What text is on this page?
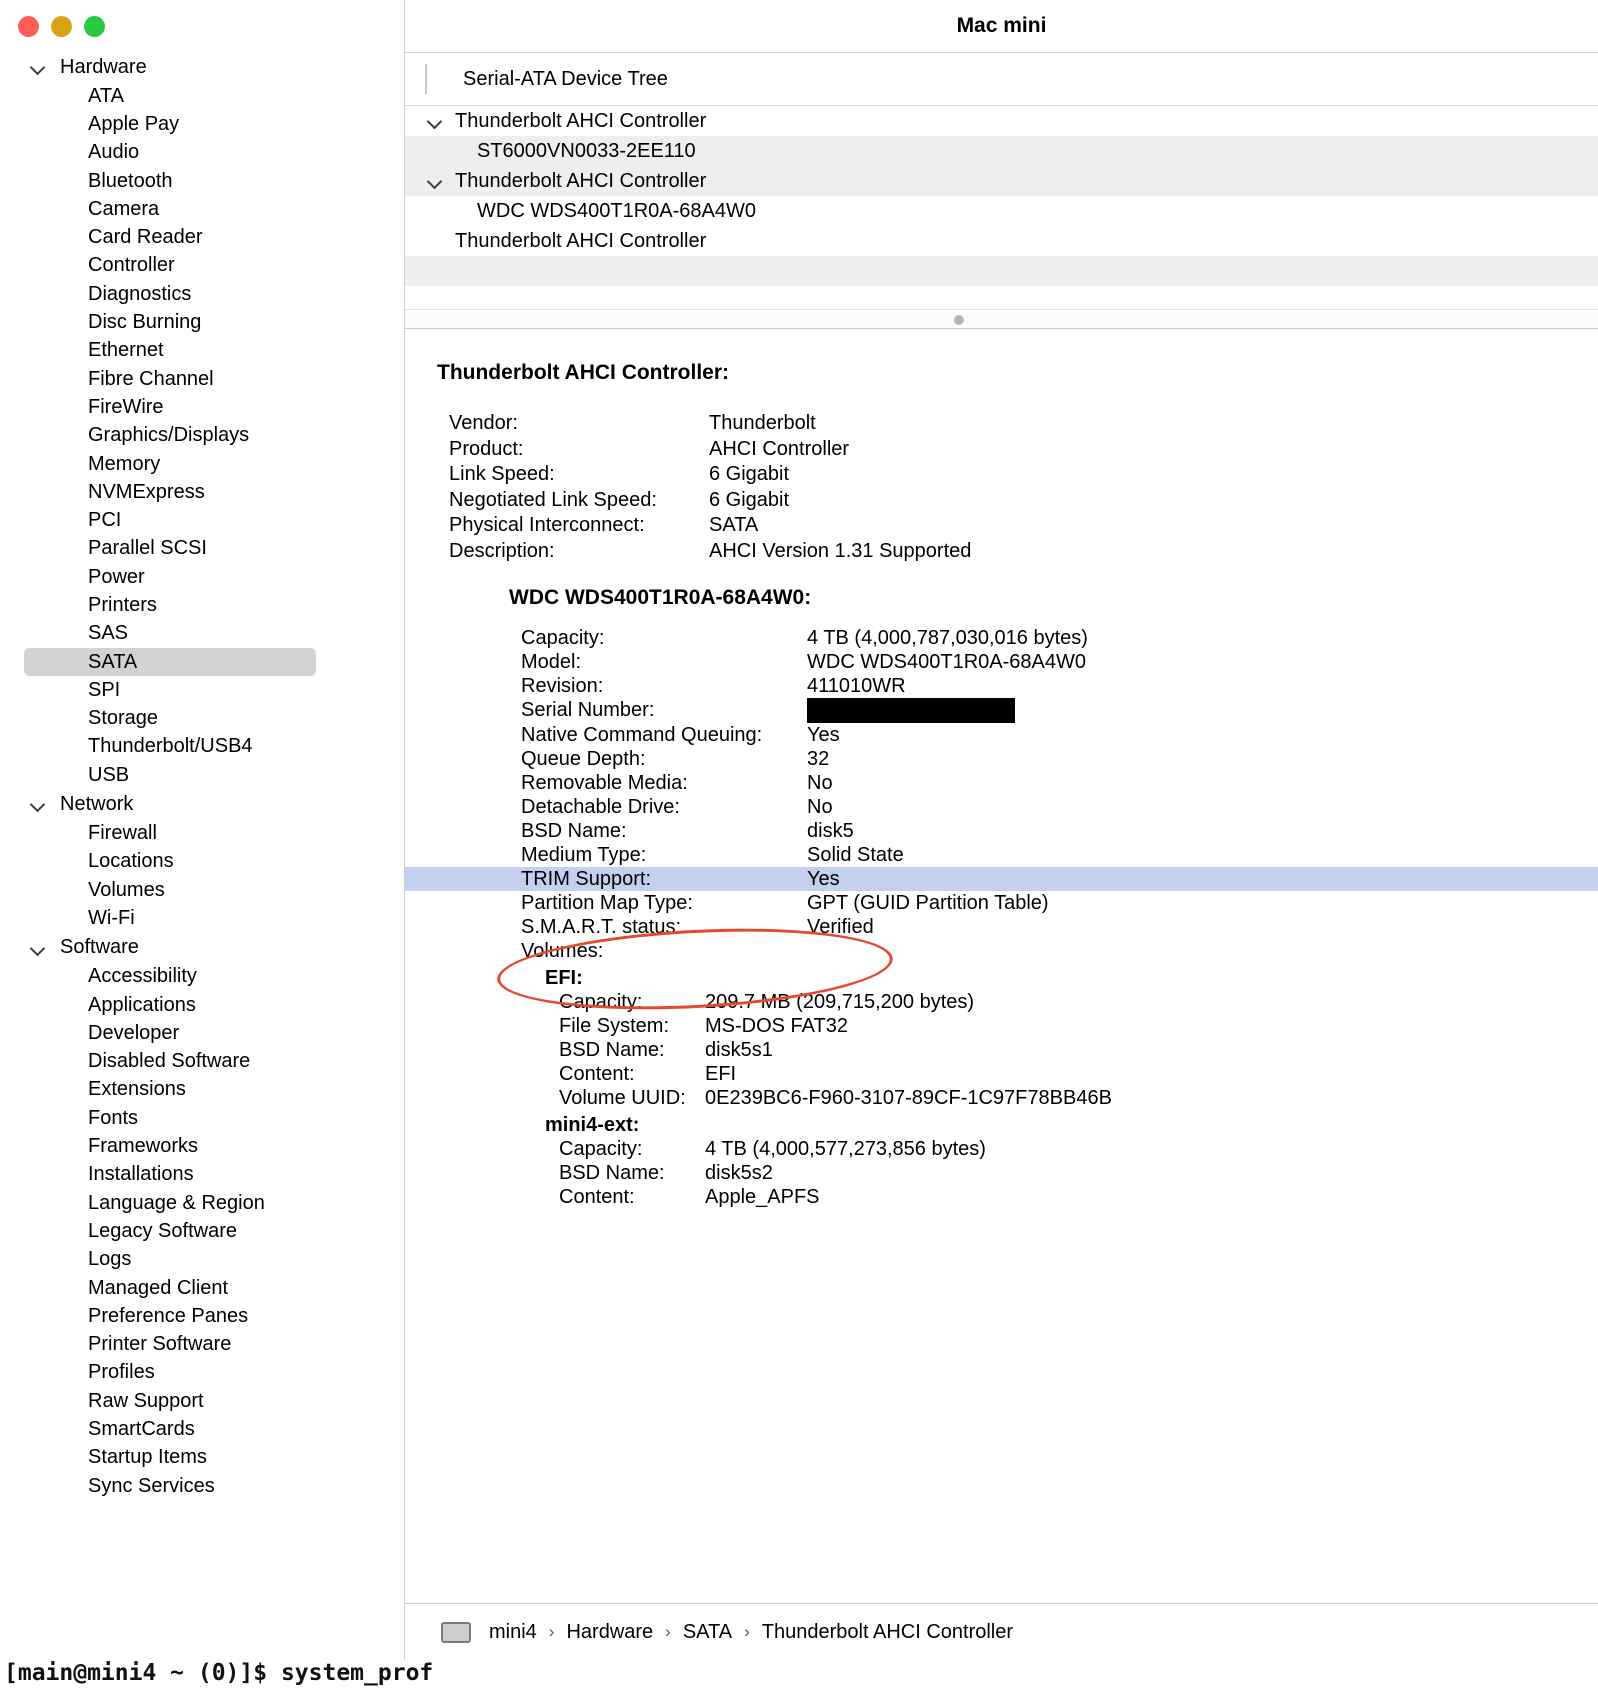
Hardware
ATA
Apple Pay
Audio
Bluetooth
Camera
Card Reader
Controller
Diagnostics
Disc Burning
Ethernet
Fibre Channel
FireWire
Graphics/Displays
Memory
NVMExpress
PCI
Parallel SCSI
Power
Printers
SAS
SATA
SPI
Storage
Thunderbolt/USB4
USB
Network
Firewall
Locations
Volumes
Wi-Fi
Software
Accessibility
Applications
Developer
Disabled Software
Extensions
Fonts
Frameworks
Installations
Language & Region
Legacy Software
Logs
Managed Client
Preference Panes
Printer Software
Profiles
Raw Support
SmartCards
Startup Items
Sync Services
Mac mini
Serial-ATA Device Tree
Thunderbolt AHCI Controller
ST6000VN0033-2EE110
Thunderbolt AHCI Controller
WDC WDS400T1R0A-68A4W0
Thunderbolt AHCI Controller
Thunderbolt AHCI Controller:
Vendor:	Thunderbolt
Product:	AHCI Controller
Link Speed:	6 Gigabit
Negotiated Link Speed:	6 Gigabit
Physical Interconnect:	SATA
Description:	AHCI Version 1.31 Supported
WDC WDS400T1R0A-68A4W0:
Capacity:	4 TB (4,000,787,030,016 bytes)
Model:	WDC WDS400T1R0A-68A4W0
Revision:	411010WR
Serial Number:
Native Command Queuing:	Yes
Queue Depth:	32
Removable Media:	No
Detachable Drive:	No
BSD Name:	disk5
Medium Type:	Solid State
TRIM Support:	Yes
Partition Map Type:	GPT (GUID Partition Table)
S.M.A.R.T. status:	Verified
Volumes:
EFI:
Capacity:	209.7 MB (209,715,200 bytes)
File System:	MS-DOS FAT32
BSD Name:	disk5s1
Content:	EFI
Volume UUID: 0E239BC6-F960-3107-89CF-1C97F78BB46B
mini4-ext:
Capacity:	4 TB (4,000,577,273,856 bytes)
BSD Name:	disk5s2
Content:	Apple_APFS
mini4 › Hardware › SATA › Thunderbolt AHCI Controller
[main@mini4 ~ (0)]$ system_prof
